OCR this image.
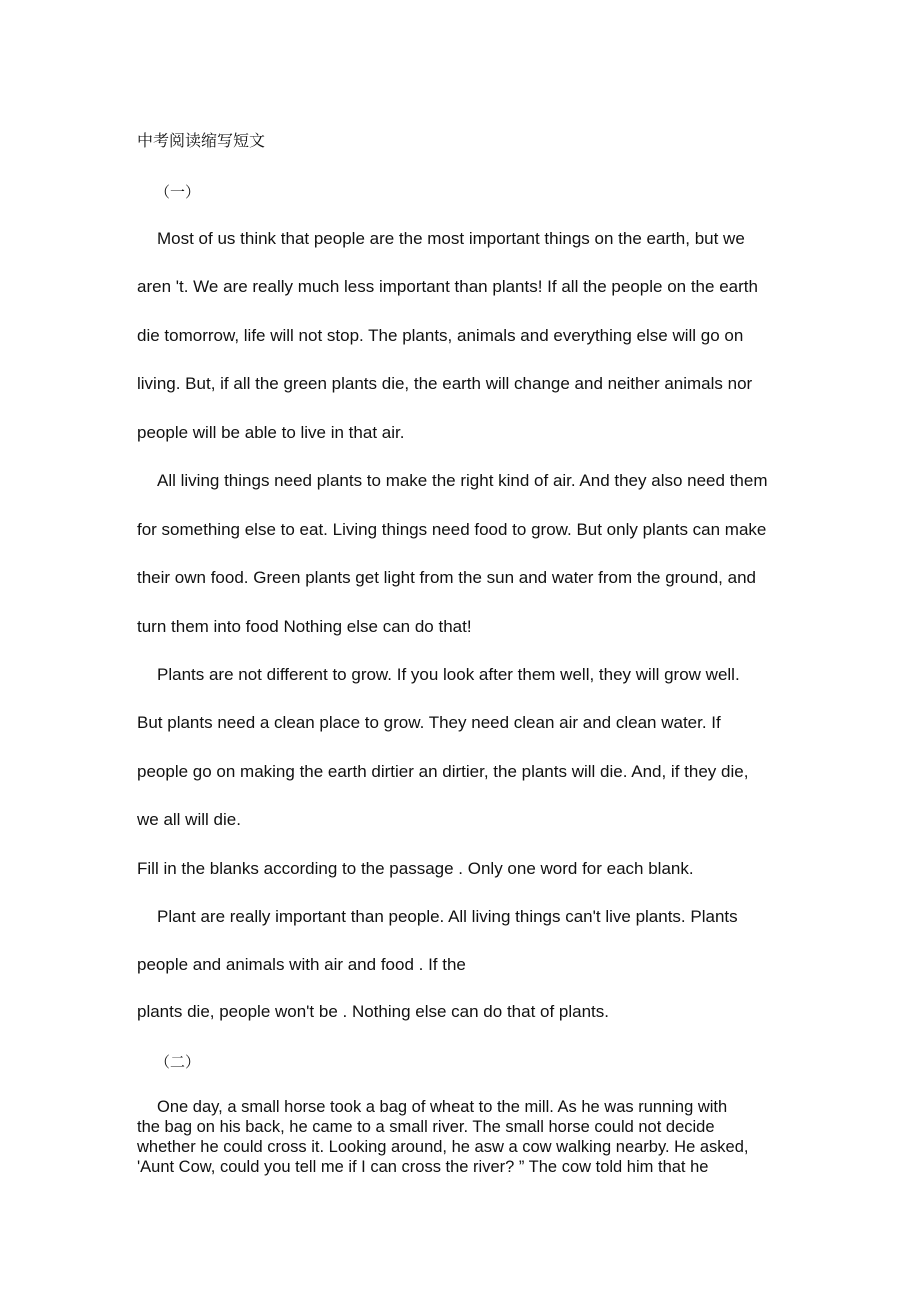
中考阅读缩写短文
（一）
Most of us think that people are the most important things on the earth, but we
aren 't. We are really much less important than plants! If all the people on the earth
die tomorrow, life will not stop. The plants, animals and everything else will go on
living. But, if all the green plants die, the earth will change and neither animals nor
people will be able to live in that air.
All living things need plants to make the right kind of air. And they also need them
for something else to eat. Living things need food to grow. But only plants can make
their own food. Green plants get light from the sun and water from the ground, and
turn them into food Nothing else can do that!
Plants are not different to grow. If you look after them well, they will grow well.
But plants need a clean place to grow. They need clean air and clean water. If
people go on making the earth dirtier an dirtier, the plants will die. And, if they die,
we all will die.
Fill in the blanks according to the passage . Only one word for each blank.
Plant are really important than people. All living things can't live plants. Plants
people and animals with air and food . If the
plants die, people won't be . Nothing else can do that of plants.
（二）
One day, a small horse took a bag of wheat to the mill. As he was running with
the bag on his back, he came to a small river. The small horse could not decide
whether he could cross it. Looking around, he asw a cow walking nearby. He asked,
'Aunt Cow, could you tell me if I can cross the river? ” The cow told him that he
